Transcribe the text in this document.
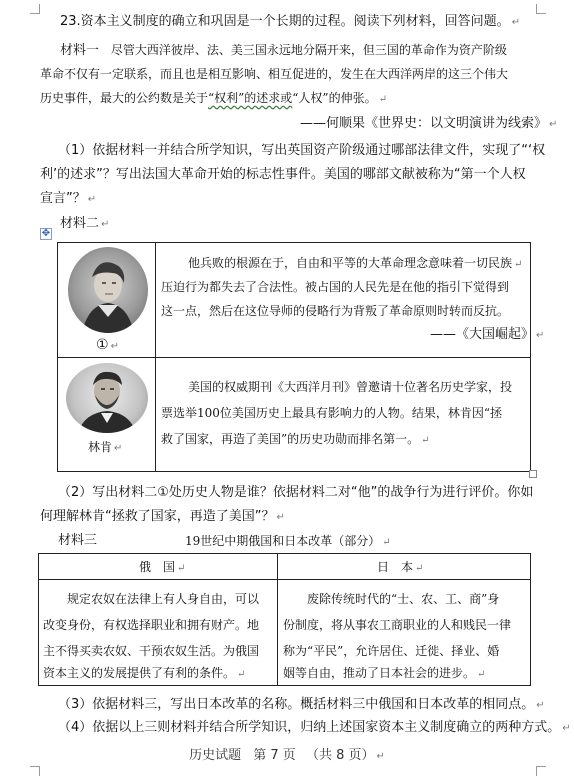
23.资本主义制度的确立和巩固是一个长期的过程。阅读下列材料，回答问题。 ↵
材料一 尽管大西洋彼岸、法、美三国永远地分隔开来，但三国的革命作为资产阶级
革命不仅有一定联系，而且也是相互影响、相互促进的，发生在大西洋两岸的这三个伟大
历史事件，最大的公约数是关于“权利”的述求或“人权”的伸张。 ↵
——何顺果《世界史：以文明演讲为线索》 ↵
（1）依据材料一并结合所学知识，写出英国资产阶级通过哪部法律文件，实现了“‘权
利’的述求”？写出法国大革命开始的标志性事件。美国的哪部文献被称为“第一个人权
宣言”？ ↵
✥
材料二 ↵
① ↵
他兵败的根源在于，自由和平等的大革命理念意味着一切民族 ↵
压迫行为都失去了合法性。被占国的人民先是在他的指引下觉得到
这一点，然后在这位导师的侵略行为背叛了革命原则时转而反抗。
——《大国崛起》 ↵
林肯 ↵
美国的权威期刊《大西洋月刊》曾邀请十位著名历史学家，投
票选举100位美国历史上最具有影响力的人物。结果，林肯因“拯
救了国家，再造了美国”的历史功勋而排名第一。 ↵
（2）写出材料二①处历史人物是谁？依据材料二对“他”的战争行为进行评价。你如
何理解林肯“拯救了国家，再造了美国”？ ↵
材料三	19世纪中期俄国和日本改革（部分） ↵
俄　国 ↵	日　本 ↵
规定农奴在法律上有人身自由，可以
改变身份，有权选择职业和拥有财产。地
主不得买卖农奴、干预农奴生活。为俄国
资本主义的发展提供了有利的条件。 ↵
废除传统时代的“士、农、工、商”身
份制度，将从事农工商职业的人和贱民一律
称为“平民”，允许居住、迁徙、择业、婚
姻等自由，推动了日本社会的进步。 ↵
（3）依据材料三，写出日本改革的名称。概括材料三中俄国和日本改革的相同点。 ↵
（4）依据以上三则材料并结合所学知识，归纳上述国家资本主义制度确立的两种方式。 ↵
历史试题 第 7 页 （共 8 页） ↵
